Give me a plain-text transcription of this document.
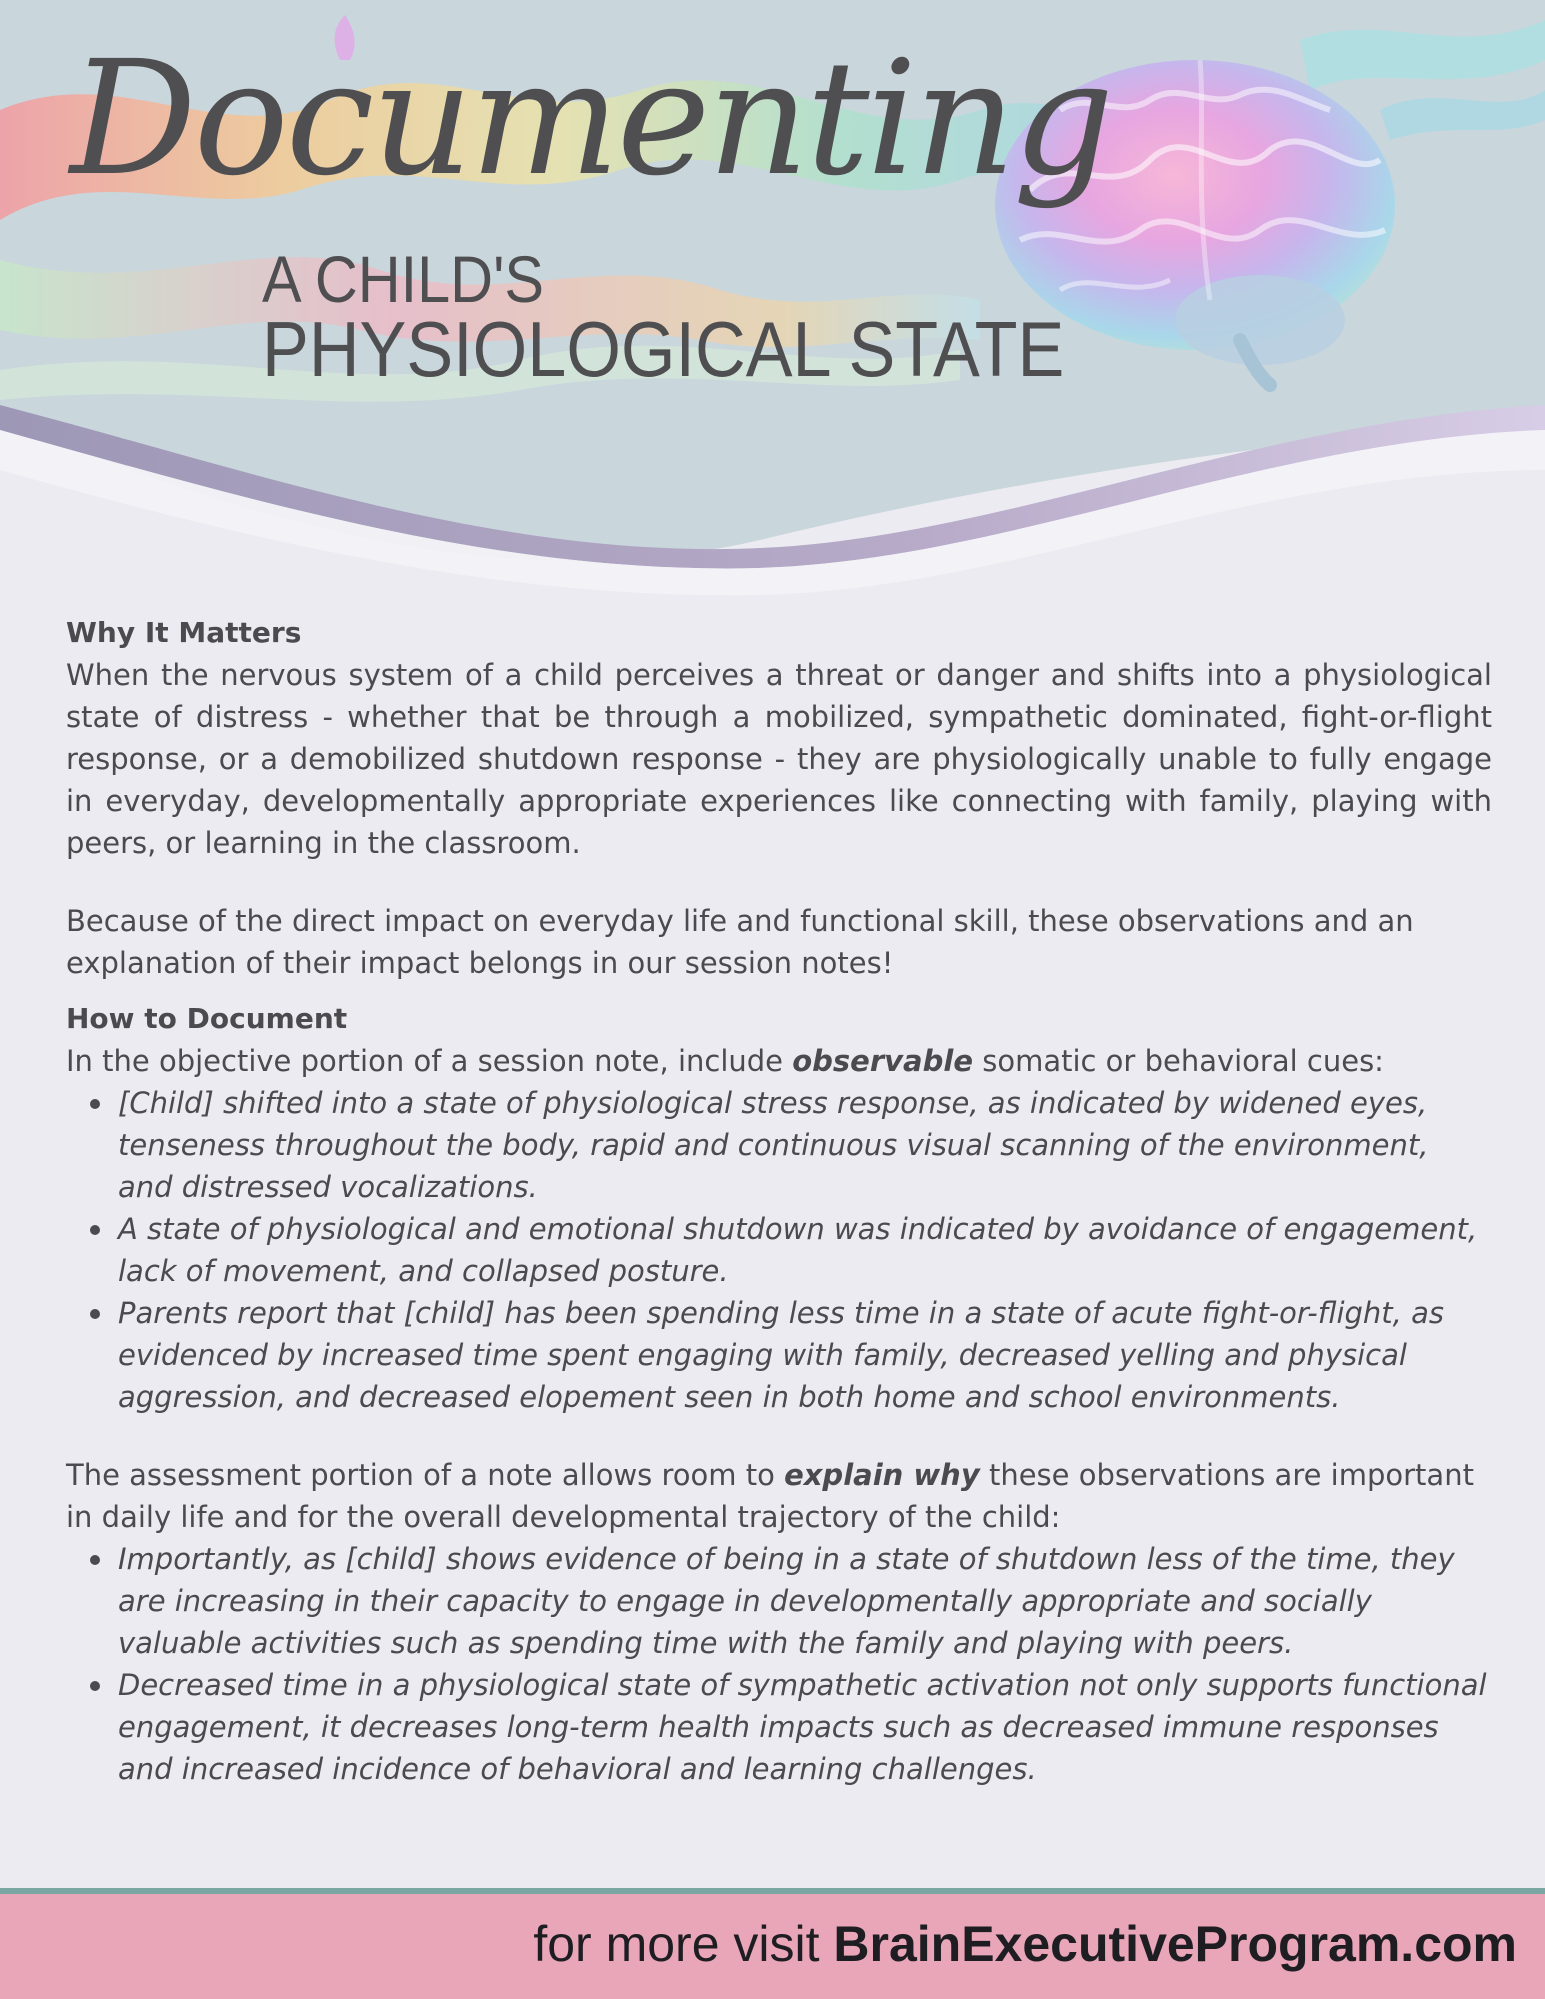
Documenting
A CHILD'S
PHYSIOLOGICAL STATE
Why It Matters

When the nervous system of a child perceives a threat or danger and shifts into a physiological state of distress - whether that be through a mobilized, sympathetic dominated, fight-or-flight response, or a demobilized shutdown response - they are physiologically unable to fully engage in everyday, developmentally appropriate experiences like connecting with family, playing with peers, or learning in the classroom.

Because of the direct impact on everyday life and functional skill, these observations and an explanation of their impact belongs in our session notes!

How to Document

In the objective portion of a session note, include observable somatic or behavioral cues:

[Child] shifted into a state of physiological stress response, as indicated by widened eyes, tenseness throughout the body, rapid and continuous visual scanning of the environment, and distressed vocalizations.
A state of physiological and emotional shutdown was indicated by avoidance of engagement, lack of movement, and collapsed posture.
Parents report that [child] has been spending less time in a state of acute fight-or-flight, as evidenced by increased time spent engaging with family, decreased yelling and physical aggression, and decreased elopement seen in both home and school environments.

The assessment portion of a note allows room to explain why these observations are important in daily life and for the overall developmental trajectory of the child:

Importantly, as [child] shows evidence of being in a state of shutdown less of the time, they are increasing in their capacity to engage in developmentally appropriate and socially valuable activities such as spending time with the family and playing with peers.
Decreased time in a physiological state of sympathetic activation not only supports functional engagement, it decreases long-term health impacts such as decreased immune responses and increased incidence of behavioral and learning challenges.
for more visit BrainExecutiveProgram.com
